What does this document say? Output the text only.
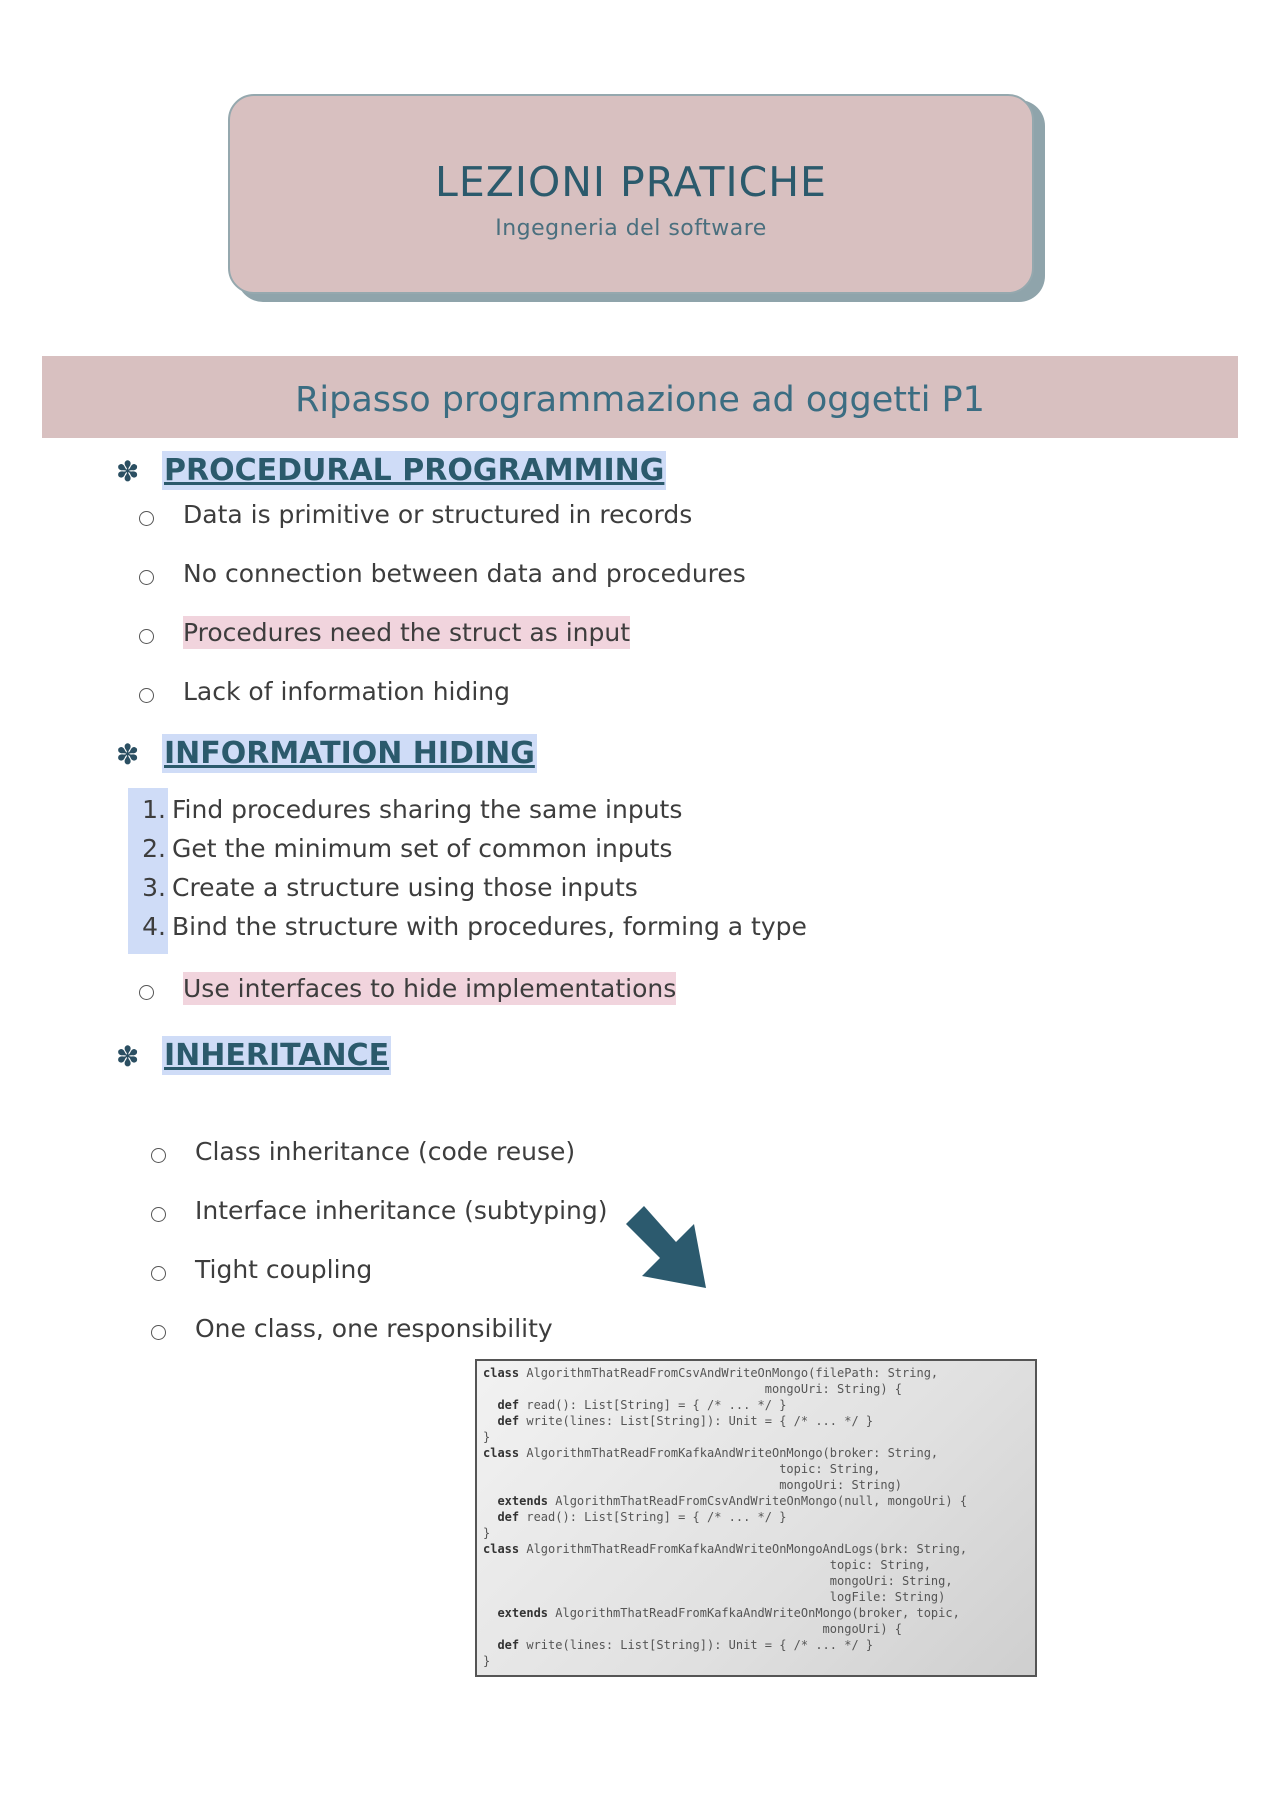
LEZIONI PRATICHE
Ingegneria del software
Ripasso programmazione ad oggetti P1
✽ PROCEDURAL PROGRAMMING
Data is primitive or structured in records
No connection between data and procedures
Procedures need the struct as input
Lack of information hiding
✽ INFORMATION HIDING
1. Find procedures sharing the same inputs
2. Get the minimum set of common inputs
3. Create a structure using those inputs
4. Bind the structure with procedures, forming a type
Use interfaces to hide implementations
✽ INHERITANCE
Class inheritance (code reuse)
Interface inheritance (subtyping)
Tight coupling
One class, one responsibility
class AlgorithmThatReadFromCsvAndWriteOnMongo(filePath: String,
mongoUri: String) {
def read(): List[String] = { /* ... */ }
def write(lines: List[String]): Unit = { /* ... */ }
}
class AlgorithmThatReadFromKafkaAndWriteOnMongo(broker: String,
topic: String,
mongoUri: String)
extends AlgorithmThatReadFromCsvAndWriteOnMongo(null, mongoUri) {
def read(): List[String] = { /* ... */ }
}
class AlgorithmThatReadFromKafkaAndWriteOnMongoAndLogs(brk: String,
topic: String,
mongoUri: String,
logFile: String)
extends AlgorithmThatReadFromKafkaAndWriteOnMongo(broker, topic,
mongoUri) {
def write(lines: List[String]): Unit = { /* ... */ }
}
